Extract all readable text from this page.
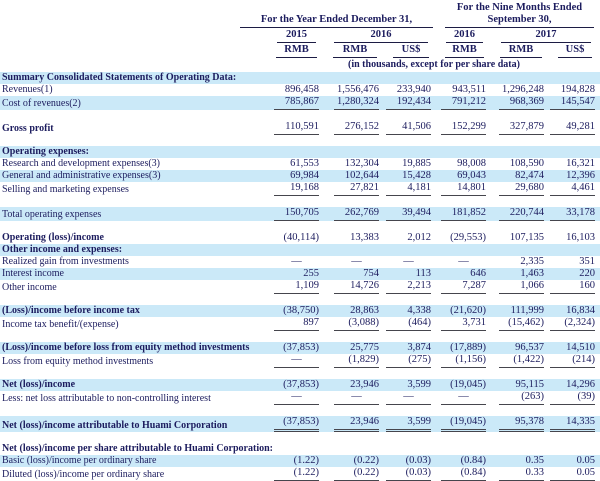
	For the Year Ended December 31,			For the Nine Months Ended September 30,		

	2015	2016		2016	2017	

	RMB	RMB	US$	RMB	RMB	US$

	(in thousands, except for per share data)					
Summary Consolidated Statements of Operating Data:						
Revenues(1)	896,458	1,556,476	233,940	943,511	1,296,248	194,828
Cost of revenues(2)	785,867	1,280,324	192,434	791,212	968,369	145,547

Gross profit	110,591	276,152	41,506	152,299	327,879	49,281

Operating expenses:						
Research and development expenses(3)	61,553	132,304	19,885	98,008	108,590	16,321
General and administrative expenses(3)	69,984	102,644	15,428	69,043	82,474	12,396
Selling and marketing expenses	19,168	27,821	4,181	14,801	29,680	4,461

Total operating expenses	150,705	262,769	39,494	181,852	220,744	33,178

Operating (loss)/income	(40,114)	13,383	2,012	(29,553)	107,135	16,103
Other income and expenses:						
Realized gain from investments	—	—	—	—	2,335	351
Interest income	255	754	113	646	1,463	220
Other income	1,109	14,726	2,213	7,287	1,066	160

(Loss)/income before income tax	(38,750)	28,863	4,338	(21,620)	111,999	16,834
Income tax benefit/(expense)	897	(3,088)	(464)	3,731	(15,462)	(2,324)

(Loss)/income before loss from equity method investments	(37,853)	25,775	3,874	(17,889)	96,537	14,510
Loss from equity method investments	—	(1,829)	(275)	(1,156)	(1,422)	(214)

Net (loss)/income	(37,853)	23,946	3,599	(19,045)	95,115	14,296
Less: net loss attributable to non-controlling interest	—	—	—	—	(263)	(39)

Net (loss)/income attributable to Huami Corporation	(37,853)	23,946	3,599	(19,045)	95,378	14,335

Net (loss)/income per share attributable to Huami Corporation:						
Basic (loss)/income per ordinary share	(1.22)	(0.22)	(0.03)	(0.84)	0.35	0.05
Diluted (loss)/income per ordinary share	(1.22)	(0.22)	(0.03)	(0.84)	0.33	0.05
